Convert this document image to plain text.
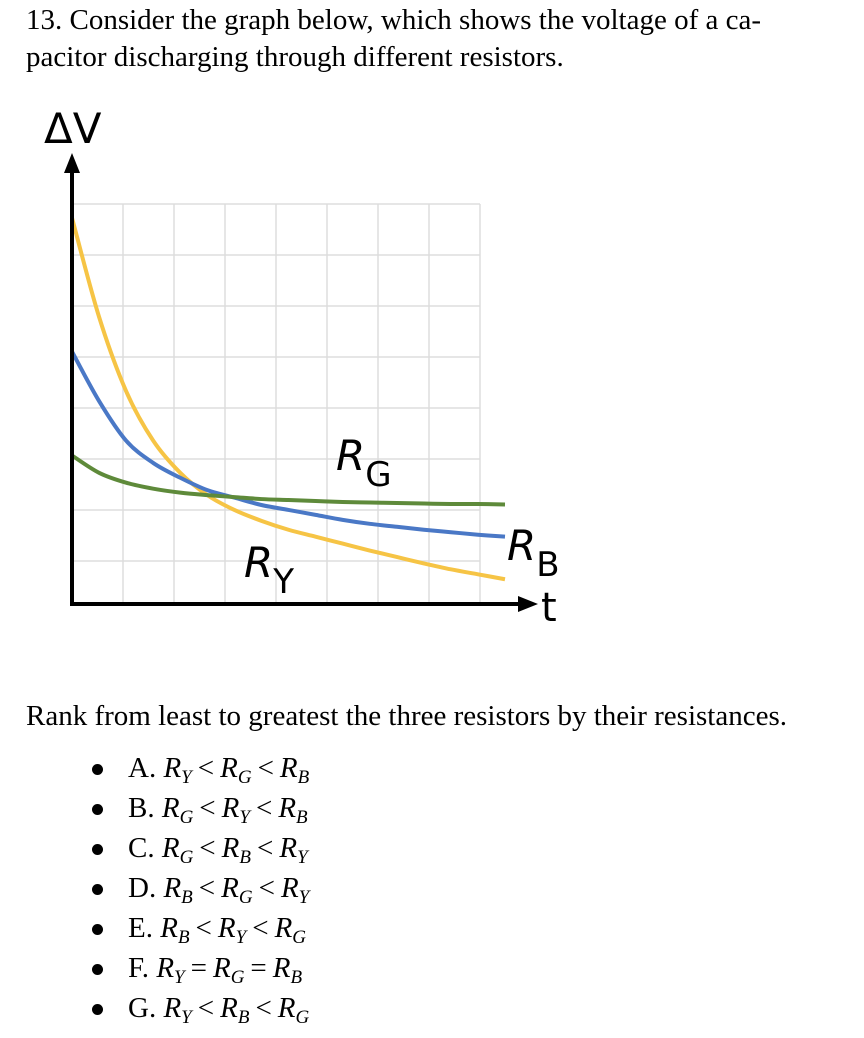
13. Consider the graph below, which shows the voltage of a ca-
pacitor discharging through different resistors.
ΔV
t
$R_G$
$R_B$
$R_Y$
Rank from least to greatest the three resistors by their resistances.
A. $R_Y < R_G < R_B$
B. $R_G < R_Y < R_B$
C. $R_G < R_B < R_Y$
D. $R_B < R_G < R_Y$
E. $R_B < R_Y < R_G$
F. $R_Y = R_G = R_B$
G. $R_Y < R_B < R_G$
